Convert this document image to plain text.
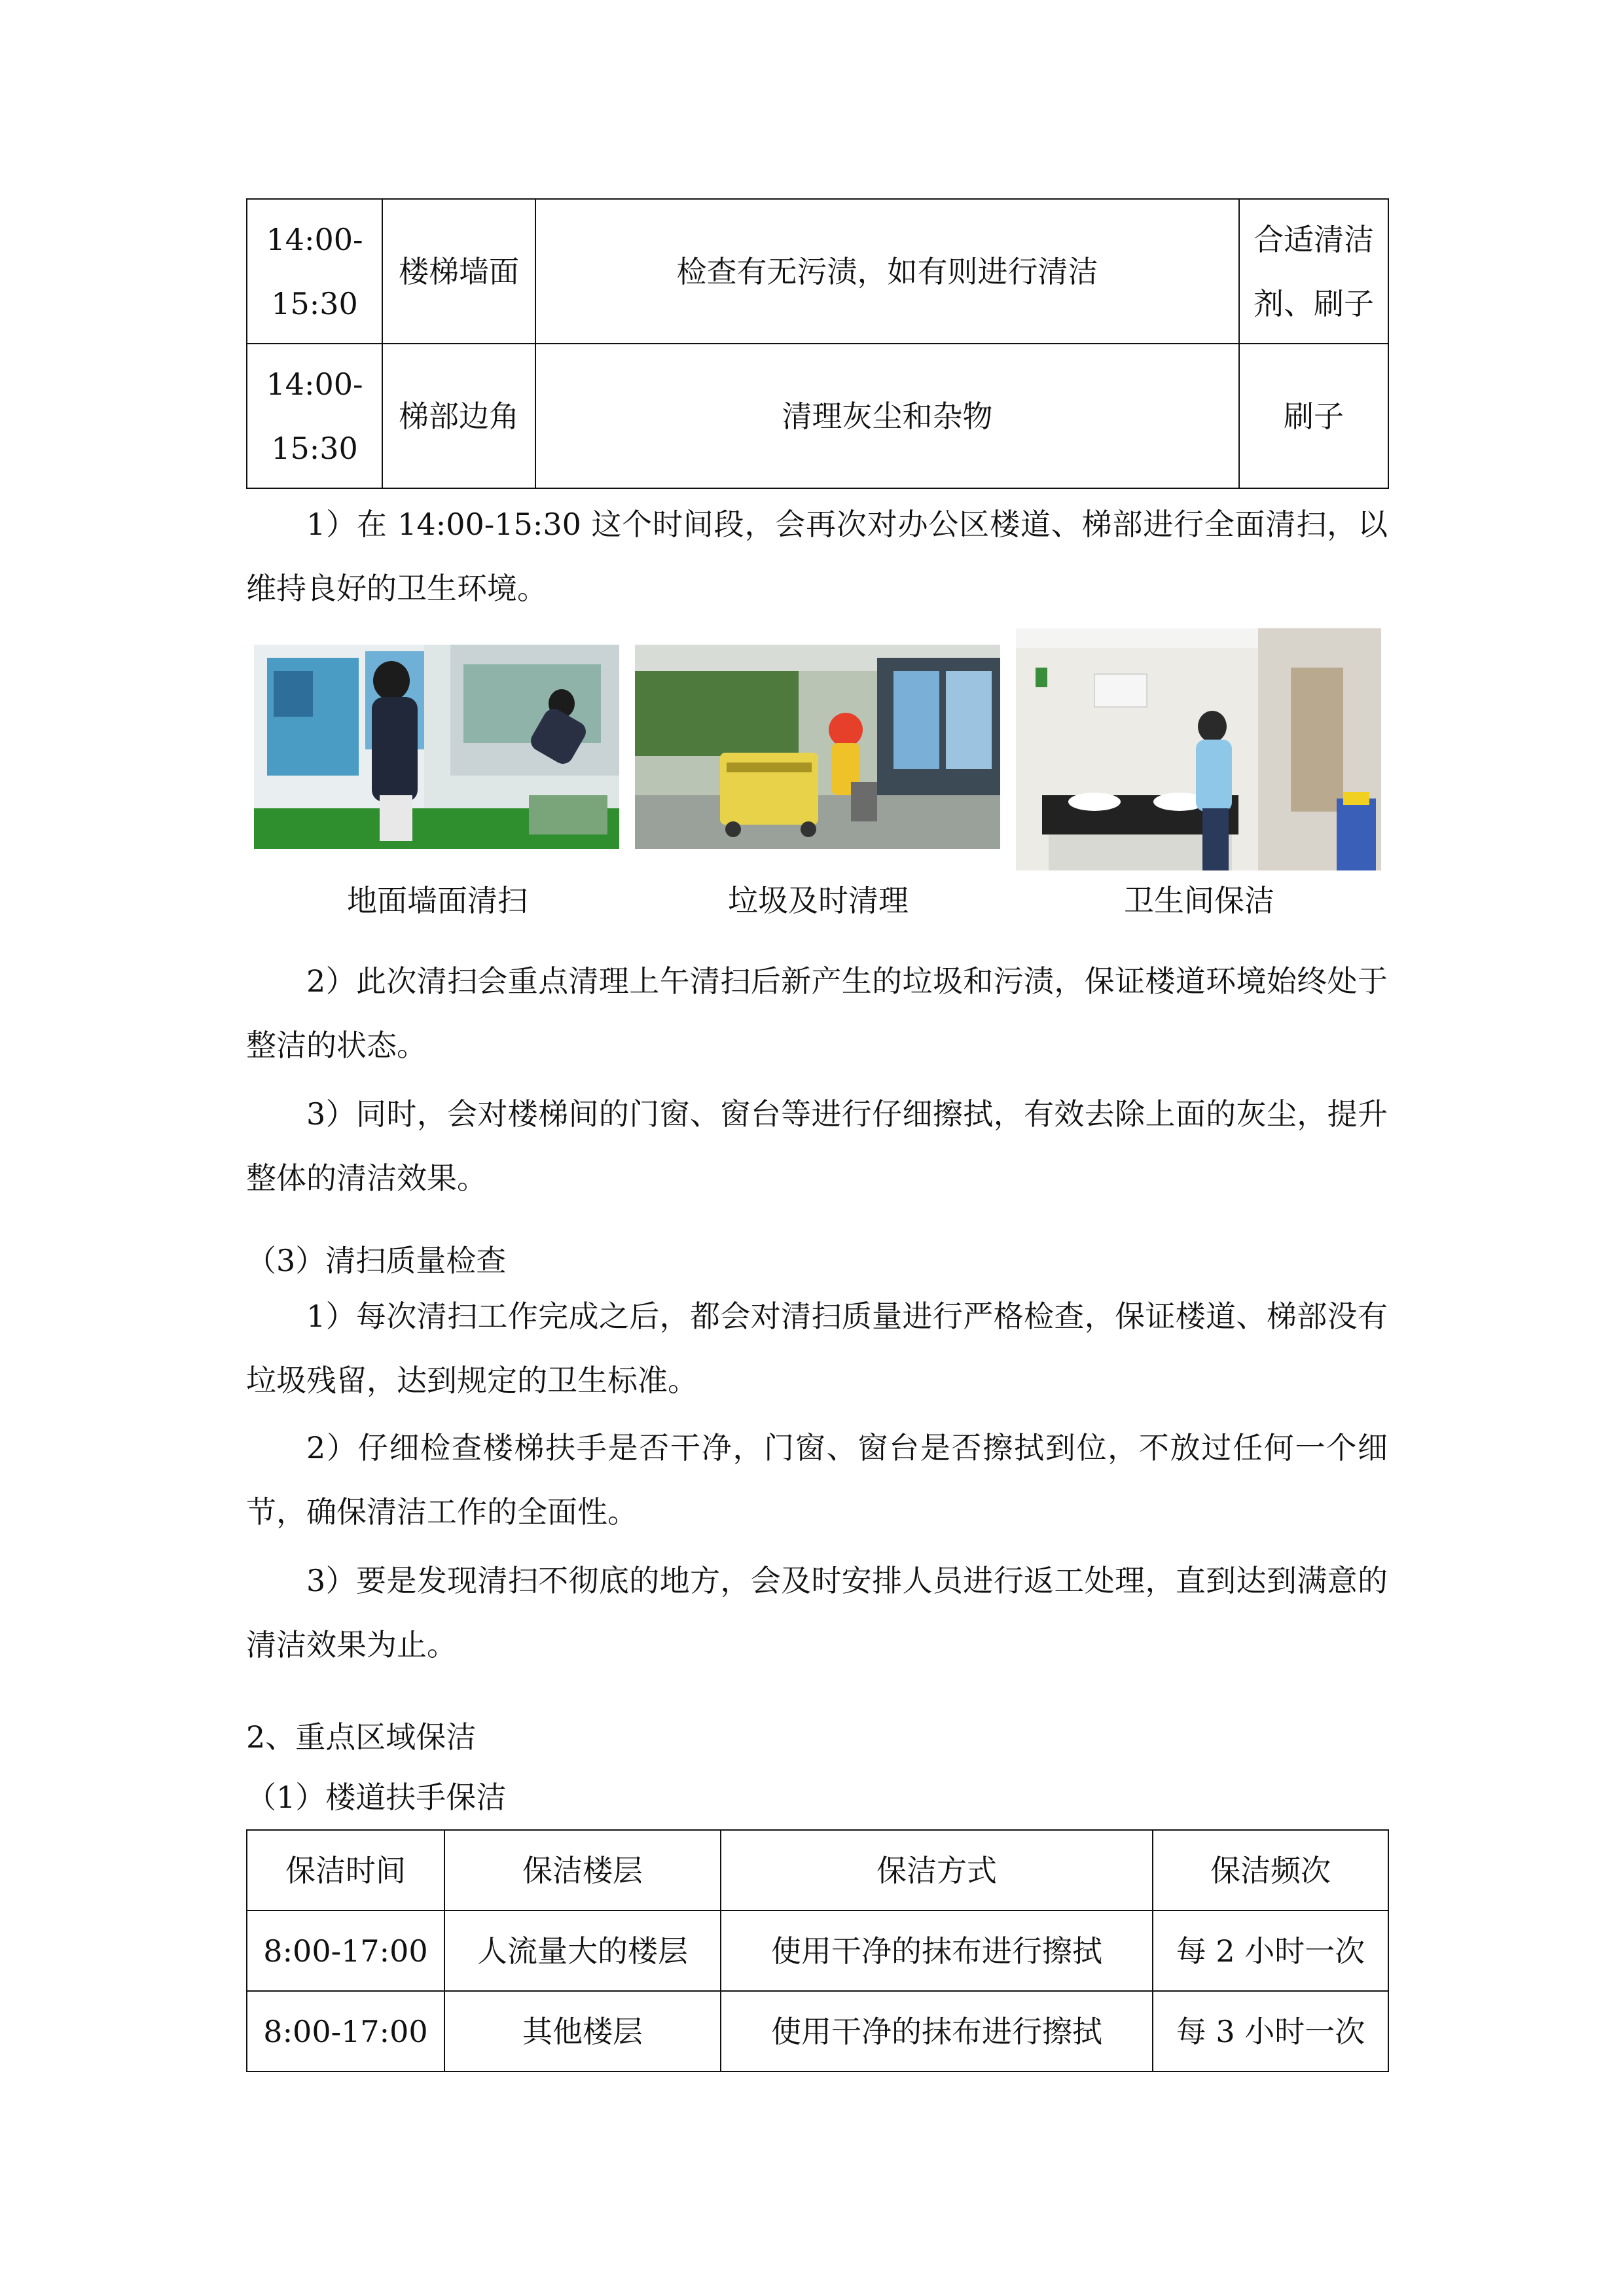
14:00-15:30	楼梯墙面	检查有无污渍，如有则进行清洁	合适清洁剂、刷子
14:00-15:30	梯部边角	清理灰尘和杂物	刷子

1）在 14:00-15:30 这个时间段，会再次对办公区楼道、梯部进行全面清扫，以维持良好的卫生环境。

地面墙面清扫	垃圾及时清理	卫生间保洁

2）此次清扫会重点清理上午清扫后新产生的垃圾和污渍，保证楼道环境始终处于整洁的状态。

3）同时，会对楼梯间的门窗、窗台等进行仔细擦拭，有效去除上面的灰尘，提升整体的清洁效果。

（3）清扫质量检查

1）每次清扫工作完成之后，都会对清扫质量进行严格检查，保证楼道、梯部没有垃圾残留，达到规定的卫生标准。

2）仔细检查楼梯扶手是否干净，门窗、窗台是否擦拭到位，不放过任何一个细节，确保清洁工作的全面性。

3）要是发现清扫不彻底的地方，会及时安排人员进行返工处理，直到达到满意的清洁效果为止。

2、重点区域保洁

（1）楼道扶手保洁

保洁时间	保洁楼层	保洁方式	保洁频次
8:00-17:00	人流量大的楼层	使用干净的抹布进行擦拭	每 2 小时一次
8:00-17:00	其他楼层	使用干净的抹布进行擦拭	每 3 小时一次
